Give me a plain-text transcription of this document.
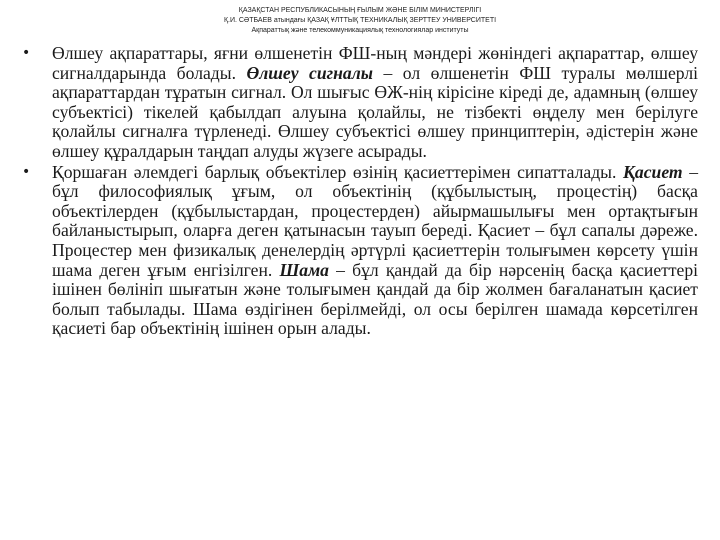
ҚАЗАҚСТАН РЕСПУБЛИКАСЫНЫҢ ҒЫЛЫМ ЖӘНЕ БІЛІМ МИНИСТЕРЛІГІ
Қ.И. СӘТБАЕВ атындағы ҚАЗАҚ ҰЛТТЫҚ ТЕХНИКАЛЫҚ ЗЕРТТЕУ УНИВЕРСИТЕТІ
Ақпараттық және телекоммуникациялық технологиялар институты

• Өлшеу ақпараттары, яғни өлшенетін ФШ-ның мәндері жөніндегі ақпараттар, өлшеу сигналдарында болады. Өлшеу сигналы – ол өлшенетін ФШ туралы мөлшерлі ақпараттардан тұратын сигнал. Ол шығыс ӨЖ-нің кірісіне кіреді де, адамның (өлшеу субъектісі) тікелей қабылдап алуына қолайлы, не тізбекті өңделу мен берілуге қолайлы сигналға түрленеді. Өлшеу субъектісі өлшеу принциптерін, әдістерін және өлшеу құралдарын таңдап алуды жүзеге асырады.

• Қоршаған әлемдегі барлық объектілер өзінің қасиеттерімен сипатталады. Қасиет – бұл философиялық ұғым, ол объектінің (құбылыстың, процестің) басқа объектілерден (құбылыстардан, процестерден) айырмашылығы мен ортақтығын байланыстырып, оларға деген қатынасын тауып береді. Қасиет – бұл сапалы дәреже. Процестер мен физикалық денелердің әртүрлі қасиеттерін толығымен көрсету үшін шама деген ұғым енгізілген. Шама – бұл қандай да бір нәрсенің басқа қасиеттері ішінен бөлініп шығатын және толығымен қандай да бір жолмен бағаланатын қасиет болып табылады. Шама өздігінен берілмейді, ол осы берілген шамада көрсетілген қасиеті бар объектінің ішінен орын алады.
